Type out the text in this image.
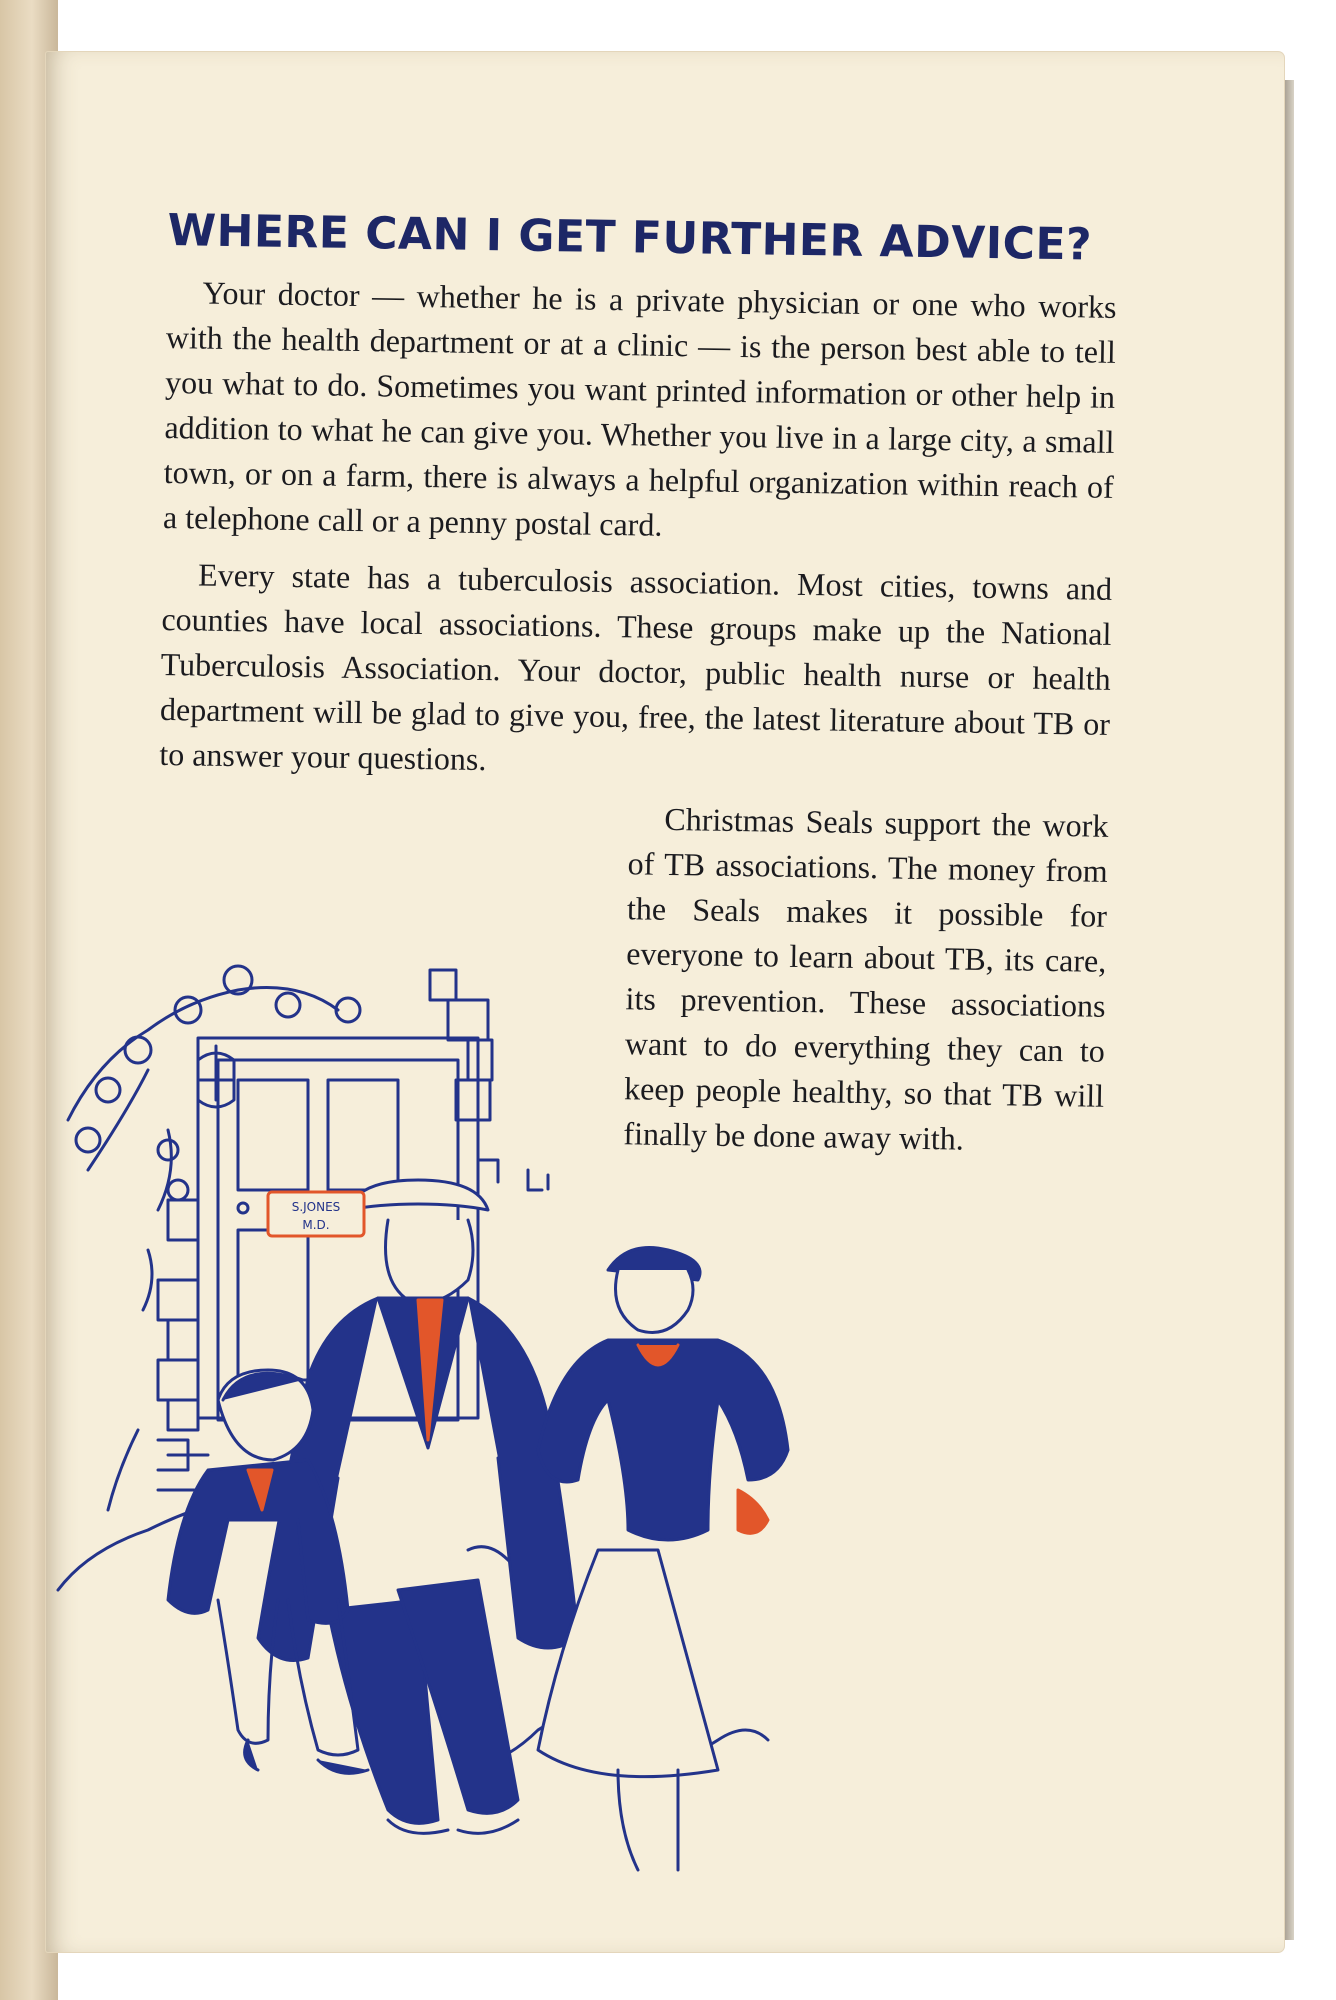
WHERE CAN I GET FURTHER ADVICE?

Your doctor — whether he is a private physician or one who works with the health department or at a clinic — is the person best able to tell you what to do. Sometimes you want printed information or other help in addition to what he can give you. Whether you live in a large city, a small town, or on a farm, there is always a helpful organization within reach of a telephone call or a penny postal card.

Every state has a tuberculosis association. Most cities, towns and counties have local associations. These groups make up the National Tuberculosis Association. Your doctor, public health nurse or health department will be glad to give you, free, the latest literature about TB or to answer your questions.

Christmas Seals support the work of TB associations. The money from the Seals makes it possible for everyone to learn about TB, its care, its prevention. These associations want to do everything they can to keep people healthy, so that TB will finally be done away with.

S.JONES
M.D.
